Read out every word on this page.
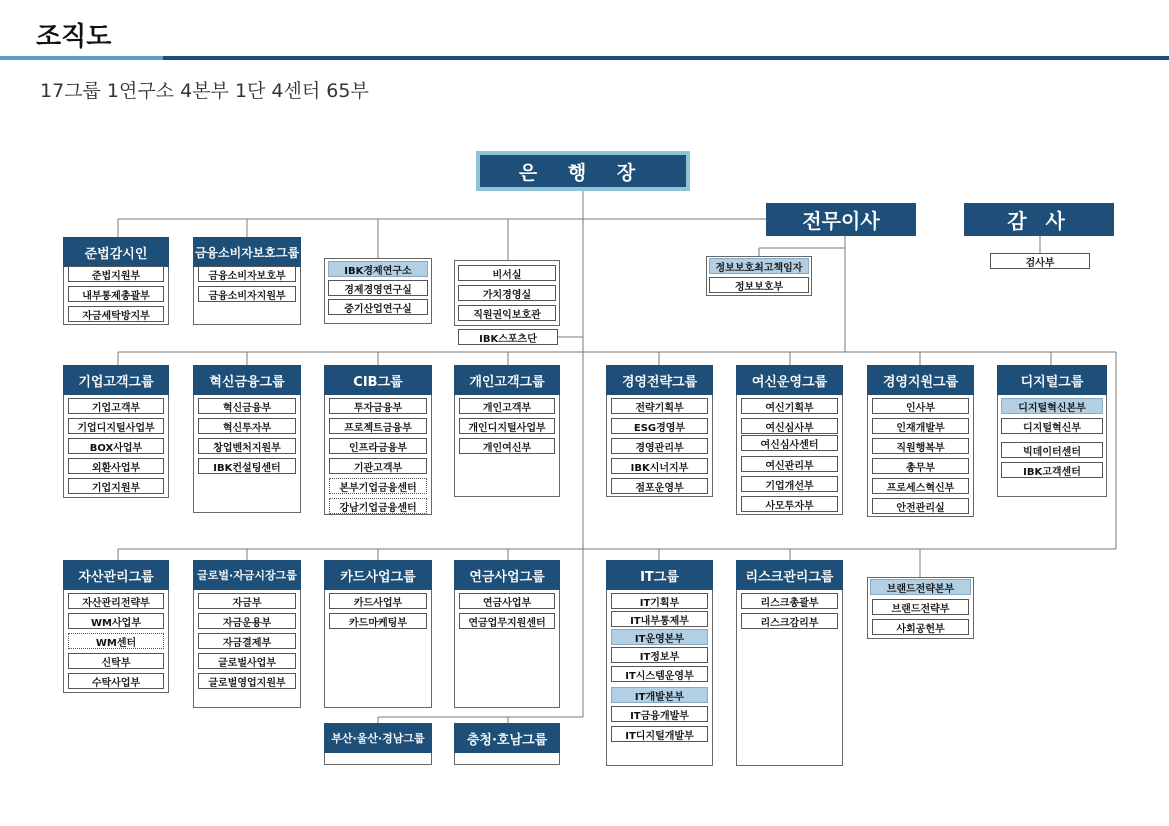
조직도
17그룹 1연구소 4본부 1단 4센터 65부
은 행 장
전무이사	감 사
검사부
준법감시인
준법지원부
내부통제총괄부
자금세탁방지부
금융소비자보호그룹
금융소비자보호부
금융소비자지원부
IBK경제연구소
경제경영연구실
중기산업연구실
비서실
가치경영실
직원권익보호관
IBK스포츠단
정보보호최고책임자
정보보호부
기업고객그룹
기업고객부
기업디지털사업부
BOX사업부
외환사업부
기업지원부
혁신금융그룹
혁신금융부
혁신투자부
창업벤처지원부
IBK컨설팅센터
CIB그룹
투자금융부
프로젝트금융부
인프라금융부
기관고객부
본부기업금융센터
강남기업금융센터
개인고객그룹
개인고객부
개인디지털사업부
개인여신부
경영전략그룹
전략기획부
ESG경영부
경영관리부
IBK시너지부
점포운영부
여신운영그룹
여신기획부
여신심사부
여신심사센터
여신관리부
기업개선부
사모투자부
경영지원그룹
인사부
인재개발부
직원행복부
총무부
프로세스혁신부
안전관리실
디지털그룹
디지털혁신본부
디지털혁신부
빅데이터센터
IBK고객센터
자산관리그룹
자산관리전략부
WM사업부
WM센터
신탁부
수탁사업부
글로벌·자금시장그룹
자금부
자금운용부
자금결제부
글로벌사업부
글로벌영업지원부
카드사업그룹
카드사업부
카드마케팅부
연금사업그룹
연금사업부
연금업무지원센터
부산·울산·경남그룹	충청·호남그룹
IT그룹
IT기획부
IT내부통제부
IT운영본부
IT정보부
IT시스템운영부
IT개발본부
IT금융개발부
IT디지털개발부
리스크관리그룹
리스크총괄부
리스크감리부
브랜드전략본부
브랜드전략부
사회공헌부
